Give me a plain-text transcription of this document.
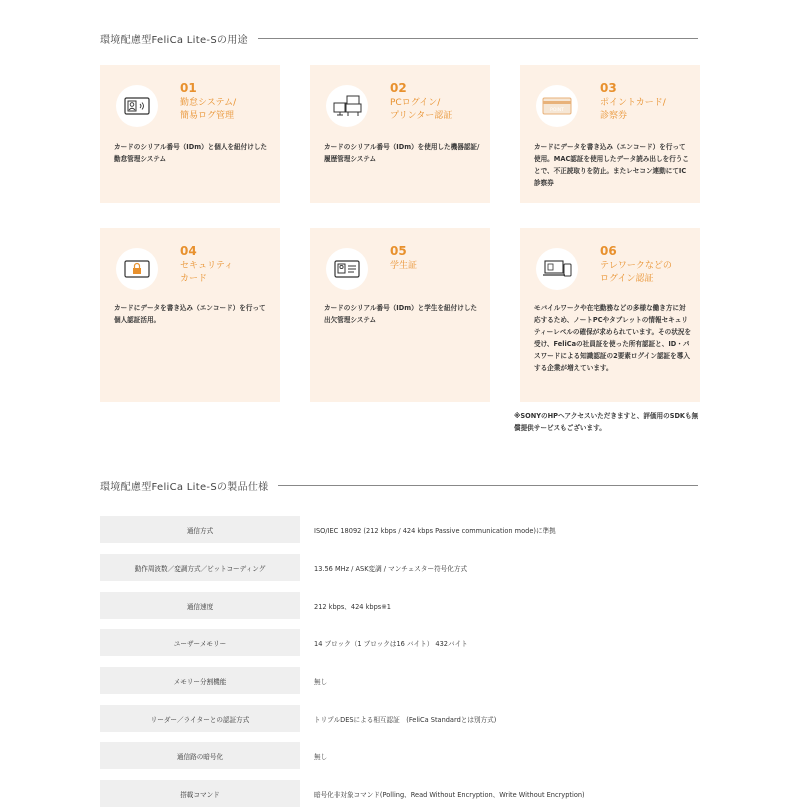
環境配慮型FeliCa Lite-Sの用途
01
勤怠システム/
簡易ログ管理
カードのシリアル番号（IDm）と個人を紐付けした勤怠管理システム
02
PCログイン/
プリンター認証
カードのシリアル番号（IDm）を使用した機器認証/履歴管理システム
POINT
03
ポイントカード/
診察券
カードにデータを書き込み（エンコード）を行って使用。MAC認証を使用したデータ読み出しを行うことで、不正読取りを防止。またレセコン連動にてIC診察券
04
セキュリティ
カード
カードにデータを書き込み（エンコード）を行って個人認証活用。
05
学生証
カードのシリアル番号（IDm）と学生を紐付けした出欠管理システム
06
テレワークなどの
ログイン認証
モバイルワークや在宅勤務などの多様な働き方に対応するため、ノートPCやタブレットの情報セキュリティーレベルの確保が求められています。その状況を受け、FeliCaの社員証を使った所有認証と、ID・パスワードによる知識認証の2要素ログイン認証を導入する企業が増えています。
※SONYのHPへアクセスいただきますと、評価用のSDKも無償提供サービスもございます。
環境配慮型FeliCa Lite-Sの製品仕様
通信方式	ISO/IEC 18092 (212 kbps / 424 kbps Passive communication mode)に準拠
動作周波数／変調方式／ビットコーディング	13.56 MHz / ASK変調 / マンチェスター符号化方式
通信速度	212 kbps、424 kbps※1
ユーザーメモリー	14 ブロック（1 ブロックは16 バイト） 432バイト
メモリー分割機能	無し
リーダー／ライターとの認証方式	トリプルDESによる相互認証　(FeliCa Standardとは別方式)
通信路の暗号化	無し
搭載コマンド	暗号化非対象コマンド(Polling、Read Without Encryption、Write Without Encryption)
